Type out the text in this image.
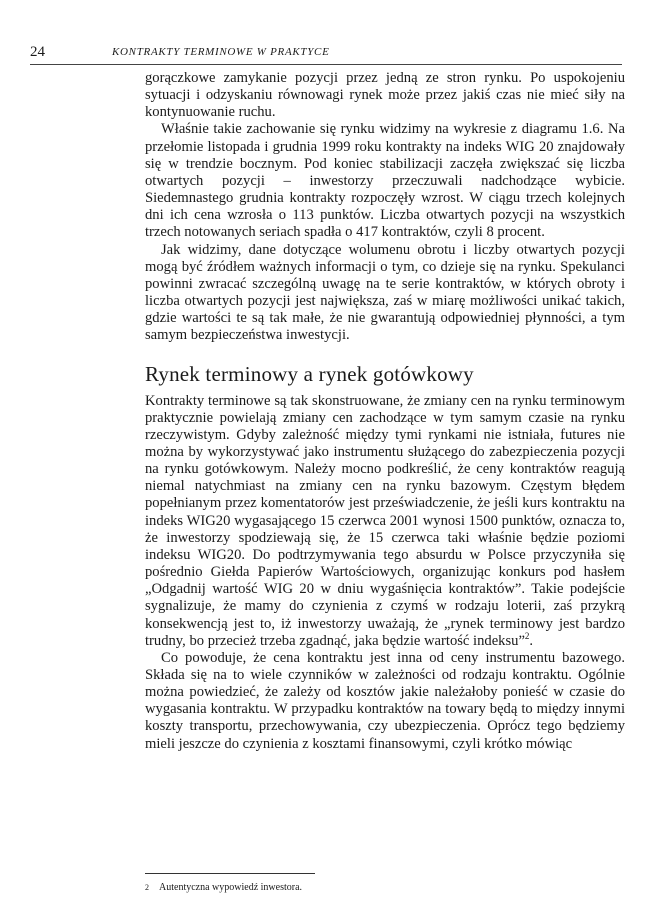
24	KONTRAKTY TERMINOWE W PRAKTYCE

gorączkowe zamykanie pozycji przez jedną ze stron rynku. Po uspokojeniu sytuacji i odzyskaniu równowagi rynek może przez jakiś czas nie mieć siły na kontynuowanie ruchu.

Właśnie takie zachowanie się rynku widzimy na wykresie z diagramu 1.6. Na przełomie listopada i grudnia 1999 roku kontrakty na indeks WIG 20 znajdowały się w trendzie bocznym. Pod koniec stabilizacji zaczęła zwiększać się liczba otwartych pozycji – inwestorzy przeczuwali nadchodzące wybicie. Siedemnastego grudnia kontrakty rozpoczęły wzrost. W ciągu trzech kolejnych dni ich cena wzrosła o 113 punktów. Liczba otwartych pozycji na wszystkich trzech notowanych seriach spadła o 417 kontraktów, czyli 8 procent.

Jak widzimy, dane dotyczące wolumenu obrotu i liczby otwartych pozycji mogą być źródłem ważnych informacji o tym, co dzieje się na rynku. Spekulanci powinni zwracać szczególną uwagę na te serie kontraktów, w których obroty i liczba otwartych pozycji jest największa, zaś w miarę możliwości unikać takich, gdzie wartości te są tak małe, że nie gwarantują odpowiedniej płynności, a tym samym bezpieczeństwa inwestycji.

Rynek terminowy a rynek gotówkowy

Kontrakty terminowe są tak skonstruowane, że zmiany cen na rynku terminowym praktycznie powielają zmiany cen zachodzące w tym samym czasie na rynku rzeczywistym. Gdyby zależność między tymi rynkami nie istniała, futures nie można by wykorzystywać jako instrumentu służącego do zabezpieczenia pozycji na rynku gotówkowym. Należy mocno podkreślić, że ceny kontraktów reagują niemal natychmiast na zmiany cen na rynku bazowym. Częstym błędem popełnianym przez komentatorów jest przeświadczenie, że jeśli kurs kontraktu na indeks WIG20 wygasającego 15 czerwca 2001 wynosi 1500 punktów, oznacza to, że inwestorzy spodziewają się, że 15 czerwca taki właśnie będzie poziomi indeksu WIG20. Do podtrzymywania tego absurdu w Polsce przyczyniła się pośrednio Giełda Papierów Wartościowych, organizując konkurs pod hasłem „Odgadnij wartość WIG 20 w dniu wygaśnięcia kontraktów”. Takie podejście sygnalizuje, że mamy do czynienia z czymś w rodzaju loterii, zaś przykrą konsekwencją jest to, iż inwestorzy uważają, że „rynek terminowy jest bardzo trudny, bo przecież trzeba zgadnąć, jaka będzie wartość indeksu”$^2$.

Co powoduje, że cena kontraktu jest inna od ceny instrumentu bazowego. Składa się na to wiele czynników w zależności od rodzaju kontraktu. Ogólnie można powiedzieć, że zależy od kosztów jakie należałoby ponieść w czasie do wygasania kontraktu. W przypadku kontraktów na towary będą to między innymi koszty transportu, przechowywania, czy ubezpieczenia. Oprócz tego będziemy mieli jeszcze do czynienia z kosztami finansowymi, czyli krótko mówiąc

2 Autentyczna wypowiedź inwestora.
